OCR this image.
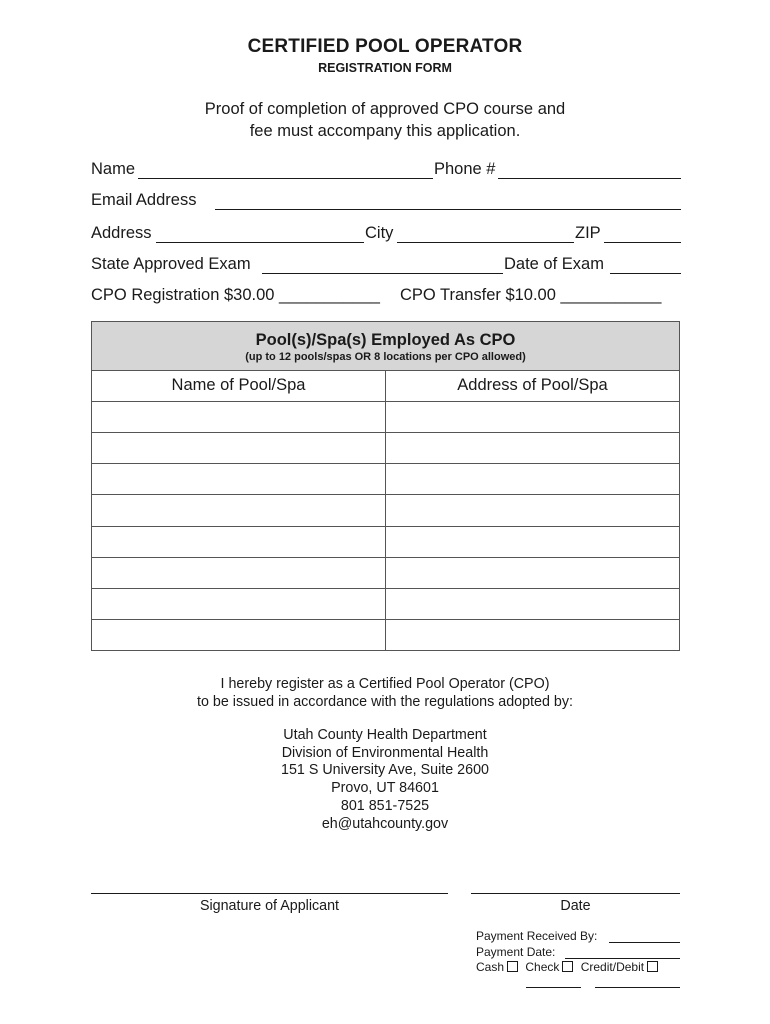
CERTIFIED POOL OPERATOR
REGISTRATION FORM
Proof of completion of approved CPO course and
fee must accompany this application.
Name	Phone #
Email Address
Address	City	ZIP
State Approved Exam	Date of Exam
CPO Registration $30.00 ___________ CPO Transfer $10.00 ___________
Pool(s)/Spa(s) Employed As CPO
(up to 12 pools/spas OR 8 locations per CPO allowed)
Name of Pool/Spa	Address of Pool/Spa
I hereby register as a Certified Pool Operator (CPO)
to be issued in accordance with the regulations adopted by:
Utah County Health Department
Division of Environmental Health
151 S University Ave, Suite 2600
Provo, UT 84601
801 851-7525
eh@utahcounty.gov
Signature of Applicant	Date
Payment Received By:
Payment Date:
Cash Check Credit/Debit
